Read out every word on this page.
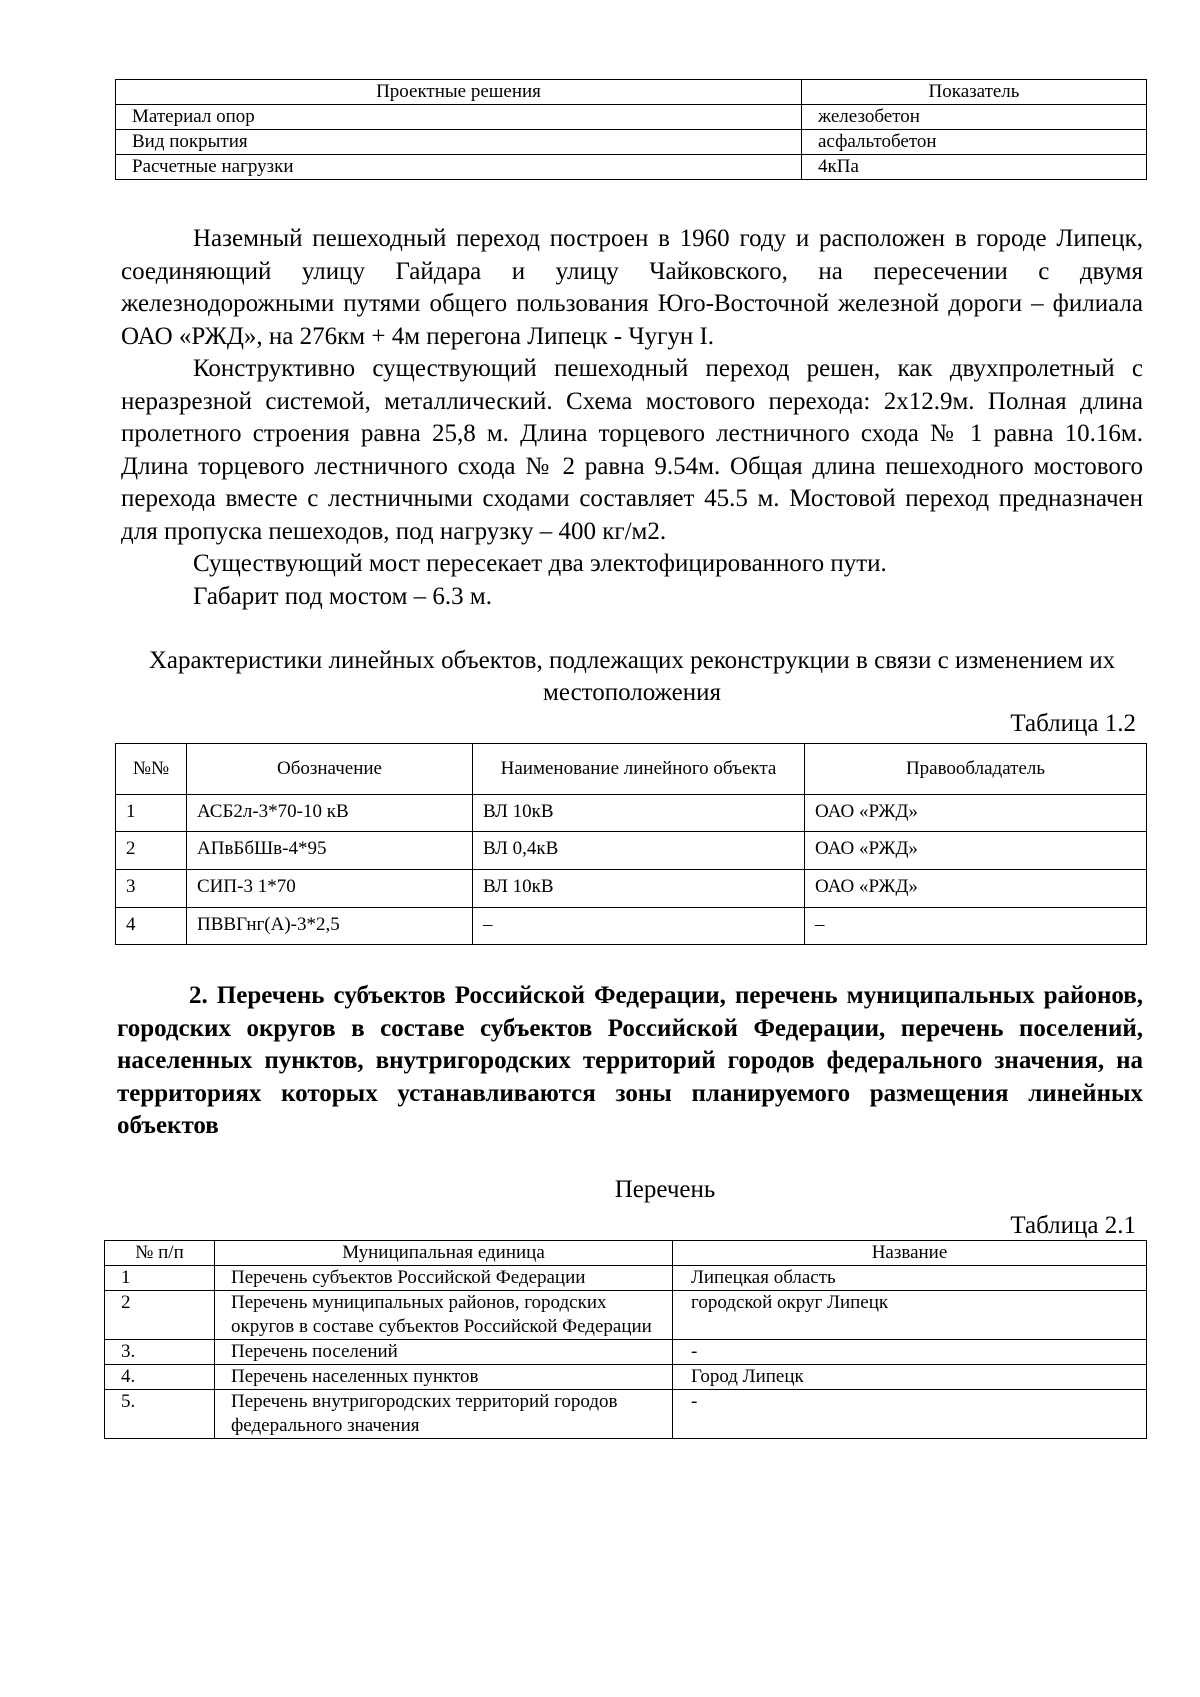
Проектные решения	Показатель
Материал опор	железобетон
Вид покрытия	асфальтобетон
Расчетные нагрузки	4кПа

Наземный пешеходный переход построен в 1960 году и расположен в городе Липецк, соединяющий улицу Гайдара и улицу Чайковского, на пересечении с двумя железнодорожными путями общего пользования Юго-Восточной железной дороги – филиала ОАО «РЖД», на 276км + 4м перегона Липецк - Чугун I.

Конструктивно существующий пешеходный переход решен, как двухпролетный с неразрезной системой, металлический. Схема мостового перехода: 2х12.9м. Полная длина пролетного строения равна 25,8 м. Длина торцевого лестничного схода № 1 равна 10.16м. Длина торцевого лестничного схода № 2 равна 9.54м. Общая длина пешеходного мостового перехода вместе с лестничными сходами составляет 45.5 м. Мостовой переход предназначен для пропуска пешеходов, под нагрузку – 400 кг/м2.

Существующий мост пересекает два электофицированного пути.

Габарит под мостом – 6.3 м.

Характеристики линейных объектов, подлежащих реконструкции в связи с изменением их местоположения
Таблица 1.2
№№	Обозначение	Наименование линейного объекта	Правообладатель
1	АСБ2л-3*70-10 кВ	ВЛ 10кВ	ОАО «РЖД»
2	АПвБбШв-4*95	ВЛ 0,4кВ	ОАО «РЖД»
3	СИП-3 1*70	ВЛ 10кВ	ОАО «РЖД»
4	ПВВГнг(А)-3*2,5	–	–

2. Перечень субъектов Российской Федерации, перечень муниципальных районов, городских округов в составе субъектов Российской Федерации, перечень поселений, населенных пунктов, внутригородских территорий городов федерального значения, на территориях которых устанавливаются зоны планируемого размещения линейных объектов

Перечень
Таблица 2.1
№ п/п	Муниципальная единица	Название
1	Перечень субъектов Российской Федерации	Липецкая область
2	Перечень муниципальных районов, городских округов в составе субъектов Российской Федерации	городской округ Липецк
3.	Перечень поселений	-
4.	Перечень населенных пунктов	Город Липецк
5.	Перечень внутригородских территорий городов федерального значения	-
